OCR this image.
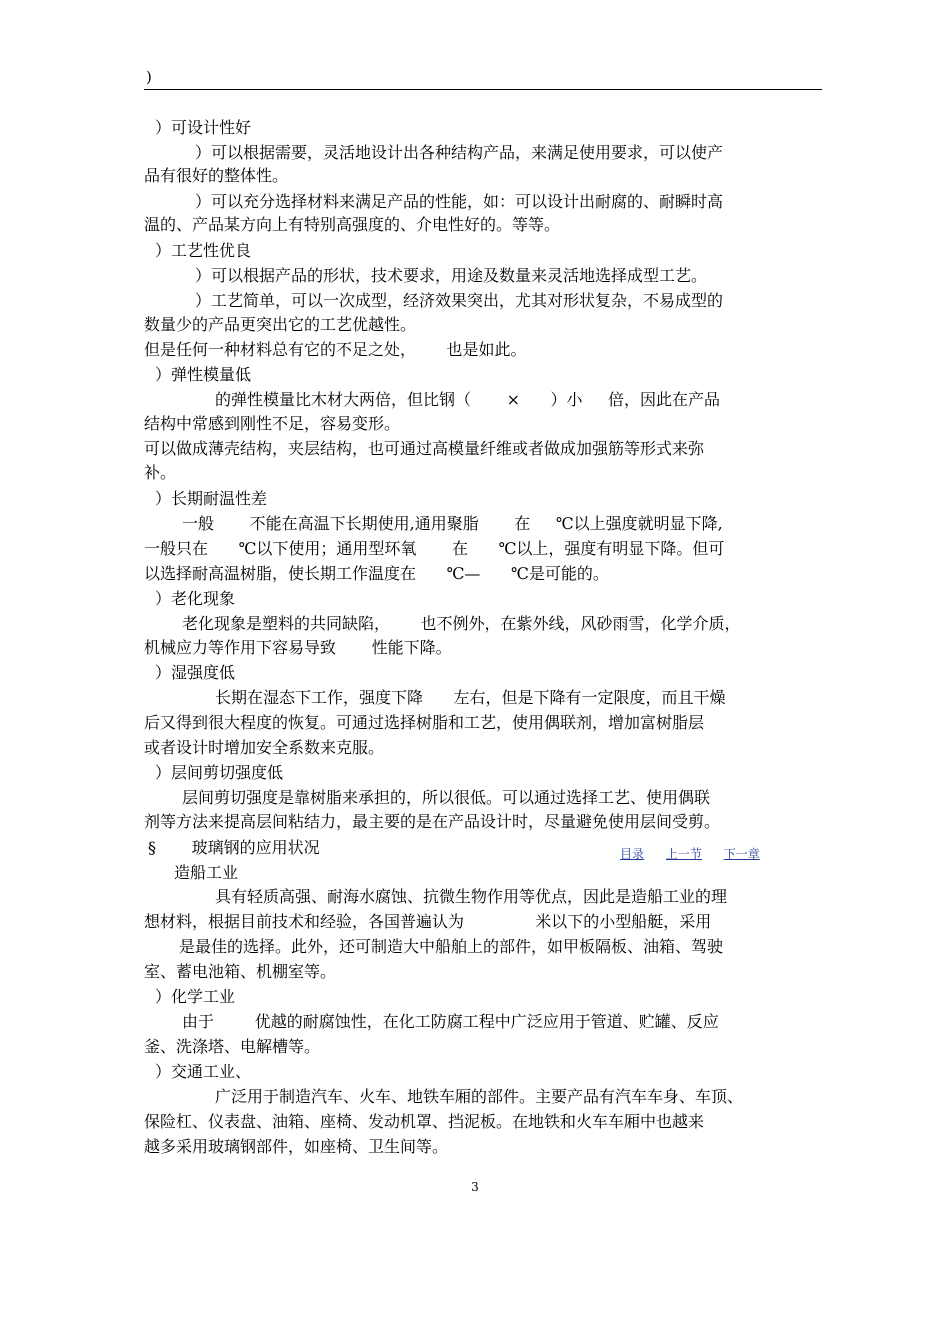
)
）可设计性好
）可以根据需要，灵活地设计出各种结构产品，来满足使用要求，可以使产
品有很好的整体性。
）可以充分选择材料来满足产品的性能，如：可以设计出耐腐的、耐瞬时高
温的、产品某方向上有特别高强度的、介电性好的。等等。
）工艺性优良
）可以根据产品的形状，技术要求，用途及数量来灵活地选择成型工艺。
）工艺简单，可以一次成型，经济效果突出，尤其对形状复杂，不易成型的
数量少的产品更突出它的工艺优越性。
但是任何一种材料总有它的不足之处，      也是如此。
）弹性模量低
的弹性模量比木材大两倍，但比钢（       ×      ）小     倍，因此在产品
结构中常感到刚性不足，容易变形。
可以做成薄壳结构，夹层结构，也可通过高模量纤维或者做成加强筋等形式来弥
补。
）长期耐温性差
一般       不能在高温下长期使用,通用聚脂       在     ℃以上强度就明显下降,
一般只在      ℃以下使用；通用型环氧       在      ℃以上，强度有明显下降。但可
以选择耐高温树脂，使长期工作温度在      ℃—      ℃是可能的。
）老化现象
老化现象是塑料的共同缺陷，      也不例外，在紫外线，风砂雨雪，化学介质，
机械应力等作用下容易导致       性能下降。
）湿强度低
长期在湿态下工作，强度下降      左右，但是下降有一定限度，而且干燥
后又得到很大程度的恢复。可通过选择树脂和工艺，使用偶联剂，增加富树脂层
或者设计时增加安全系数来克服。
）层间剪切强度低
层间剪切强度是靠树脂来承担的，所以很低。可以通过选择工艺、使用偶联
剂等方法来提高层间粘结力，最主要的是在产品设计时，尽量避免使用层间受剪。
§       玻璃钢的应用状况
造船工业
具有轻质高强、耐海水腐蚀、抗微生物作用等优点，因此是造船工业的理
想材料，根据目前技术和经验，各国普遍认为              米以下的小型船艇，采用
是最佳的选择。此外，还可制造大中船舶上的部件，如甲板隔板、油箱、驾驶
室、蓄电池箱、机棚室等。
）化学工业
由于        优越的耐腐蚀性，在化工防腐工程中广泛应用于管道、贮罐、反应
釜、洗涤塔、电解槽等。
）交通工业、
广泛用于制造汽车、火车、地铁车厢的部件。主要产品有汽车车身、车顶、
保险杠、仪表盘、油箱、座椅、发动机罩、挡泥板。在地铁和火车车厢中也越来
越多采用玻璃钢部件，如座椅、卫生间等。
目录 上一节 下一章
3
